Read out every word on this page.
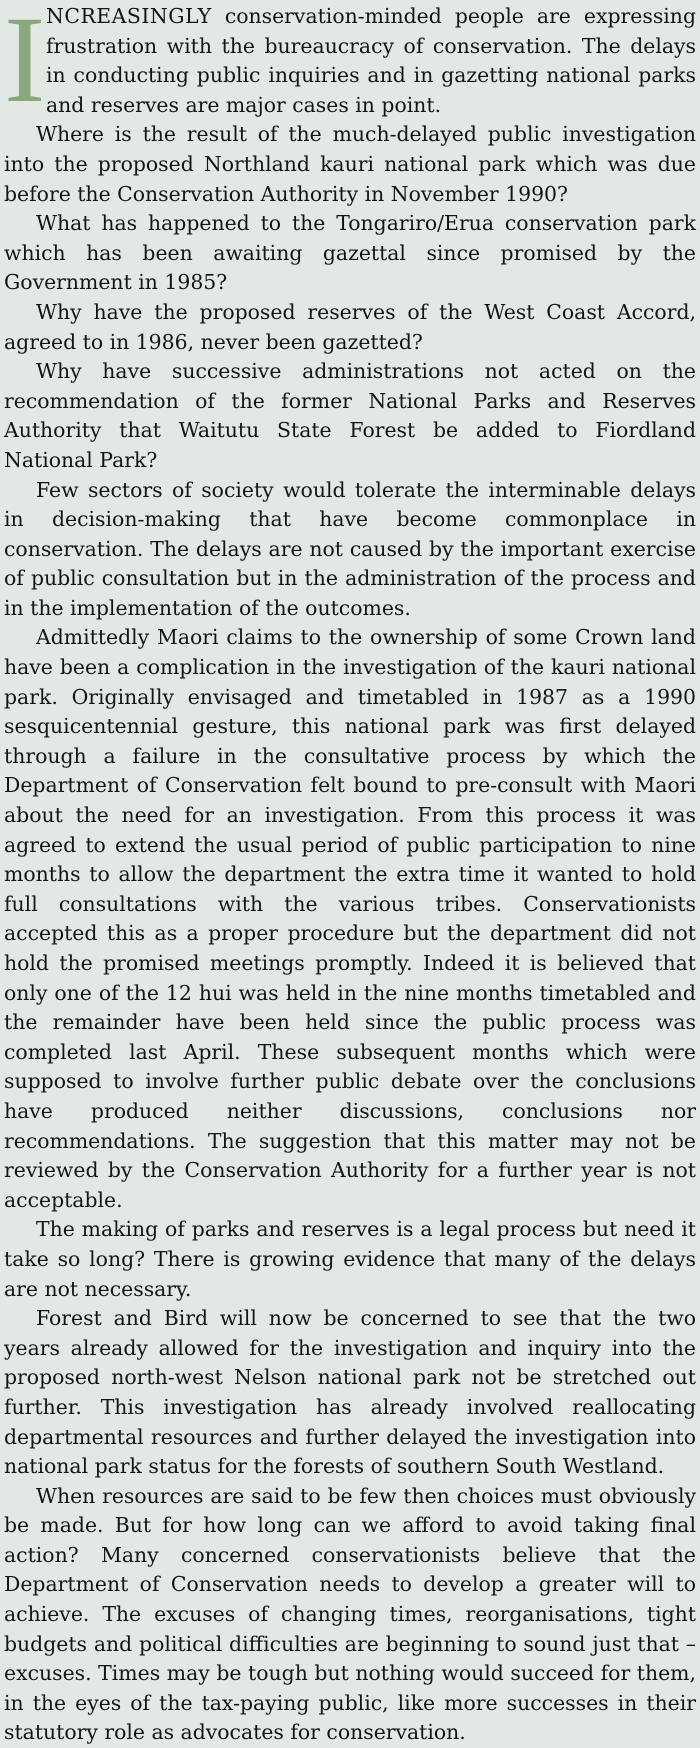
I NCREASINGLY conservation-minded people are expressing frustration with the bureaucracy of conservation. The delays in conducting public inquiries and in gazetting national parks and reserves are major cases in point.

Where is the result of the much-delayed public investigation into the proposed Northland kauri national park which was due before the Conservation Authority in November 1990?

What has happened to the Tongariro/Erua conservation park which has been awaiting gazettal since promised by the Government in 1985?

Why have the proposed reserves of the West Coast Accord, agreed to in 1986, never been gazetted?

Why have successive administrations not acted on the recommendation of the former National Parks and Reserves Authority that Waitutu State Forest be added to Fiordland National Park?

Few sectors of society would tolerate the interminable delays in decision-making that have become commonplace in conservation. The delays are not caused by the important exercise of public consultation but in the administration of the process and in the implementation of the outcomes.

Admittedly Maori claims to the ownership of some Crown land have been a complication in the investigation of the kauri national park. Originally envisaged and timetabled in 1987 as a 1990 sesquicentennial gesture, this national park was first delayed through a failure in the consultative process by which the Department of Conservation felt bound to pre-consult with Maori about the need for an investigation. From this process it was agreed to extend the usual period of public participation to nine months to allow the department the extra time it wanted to hold full consultations with the various tribes. Conservationists accepted this as a proper procedure but the department did not hold the promised meetings promptly. Indeed it is believed that only one of the 12 hui was held in the nine months timetabled and the remainder have been held since the public process was completed last April. These subsequent months which were supposed to involve further public debate over the conclusions have produced neither discussions, conclusions nor recommendations. The suggestion that this matter may not be reviewed by the Conservation Authority for a further year is not acceptable.

The making of parks and reserves is a legal process but need it take so long? There is growing evidence that many of the delays are not necessary.

Forest and Bird will now be concerned to see that the two years already allowed for the investigation and inquiry into the proposed north-west Nelson national park not be stretched out further. This investigation has already involved reallocating departmental resources and further delayed the investigation into national park status for the forests of southern South Westland.

When resources are said to be few then choices must obviously be made. But for how long can we afford to avoid taking final action? Many concerned conservationists believe that the Department of Conservation needs to develop a greater will to achieve. The excuses of changing times, reorganisations, tight budgets and political difficulties are beginning to sound just that – excuses. Times may be tough but nothing would succeed for them, in the eyes of the tax-paying public, like more successes in their statutory role as advocates for conservation.
